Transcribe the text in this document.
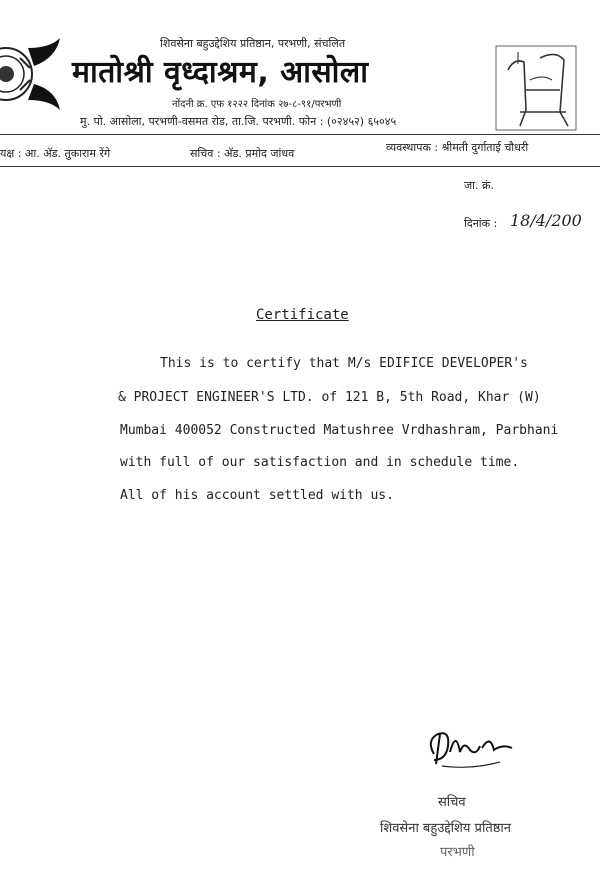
शिवसेना बहुउद्देशिय प्रतिष्ठान, परभणी, संचलित
मातोश्री वृध्दाश्रम, आसोला
नोंदनी क्र. एफ १२२२ दिनांक २७-८-९१/परभणी
मु. पो. आसोला, परभणी-वसमत रोड, ता.जि. परभणी. फोन : (०२४५२) ६५०४५
यक्ष : आ. अ‍ॅड. तुकाराम रेंगे	सचिव : अ‍ॅड. प्रमोद जांधव	व्यवस्थापक : श्रीमती दुर्गाताई चौधरी
जा. क्रं.
दिनांक : 18/4/200
Certificate
This is to certify that M/s EDIFICE DEVELOPER's
& PROJECT ENGINEER'S LTD. of 121 B, 5th Road, Khar (W)
Mumbai 400052 Constructed Matushree Vrdhashram, Parbhani
with full of our satisfaction and in schedule time.
All of his account settled with us.
सचिव
शिवसेना बहुउद्देशिय प्रतिष्ठान
परभणी
